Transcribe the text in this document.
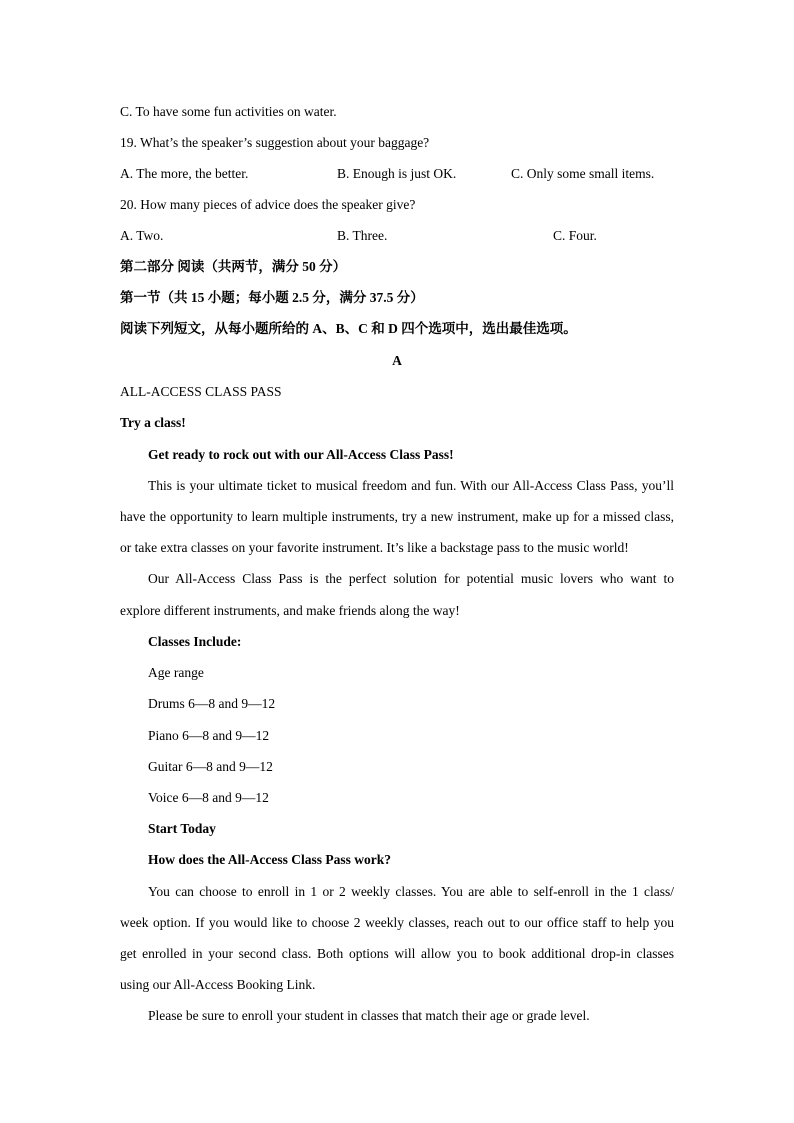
C. To have some fun activities on water.
19. What’s the speaker’s suggestion about your baggage?
A. The more, the better.	B. Enough is just OK.	C. Only some small items.
20. How many pieces of advice does the speaker give?
A. Two.	B. Three.	C. Four.
第二部分 阅读（共两节，满分 50 分）
第一节（共 15 小题；每小题 2.5 分，满分 37.5 分）
阅读下列短文，从每小题所给的 A、B、C 和 D 四个选项中，选出最佳选项。
A
ALL-ACCESS CLASS PASS
Try a class!
Get ready to rock out with our All-Access Class Pass!
This is your ultimate ticket to musical freedom and fun. With our All-Access Class Pass, you’ll
have the opportunity to learn multiple instruments, try a new instrument, make up for a missed class,
or take extra classes on your favorite instrument. It’s like a backstage pass to the music world!
Our All-Access Class Pass is the perfect solution for potential music lovers who want to
explore different instruments, and make friends along the way!
Classes Include:
Age range
Drums 6—8 and 9—12
Piano 6—8 and 9—12
Guitar 6—8 and 9—12
Voice 6—8 and 9—12
Start Today
How does the All-Access Class Pass work?
You can choose to enroll in 1 or 2 weekly classes. You are able to self-enroll in the 1 class/
week option. If you would like to choose 2 weekly classes, reach out to our office staff to help you
get enrolled in your second class. Both options will allow you to book additional drop-in classes
using our All-Access Booking Link.
Please be sure to enroll your student in classes that match their age or grade level.
